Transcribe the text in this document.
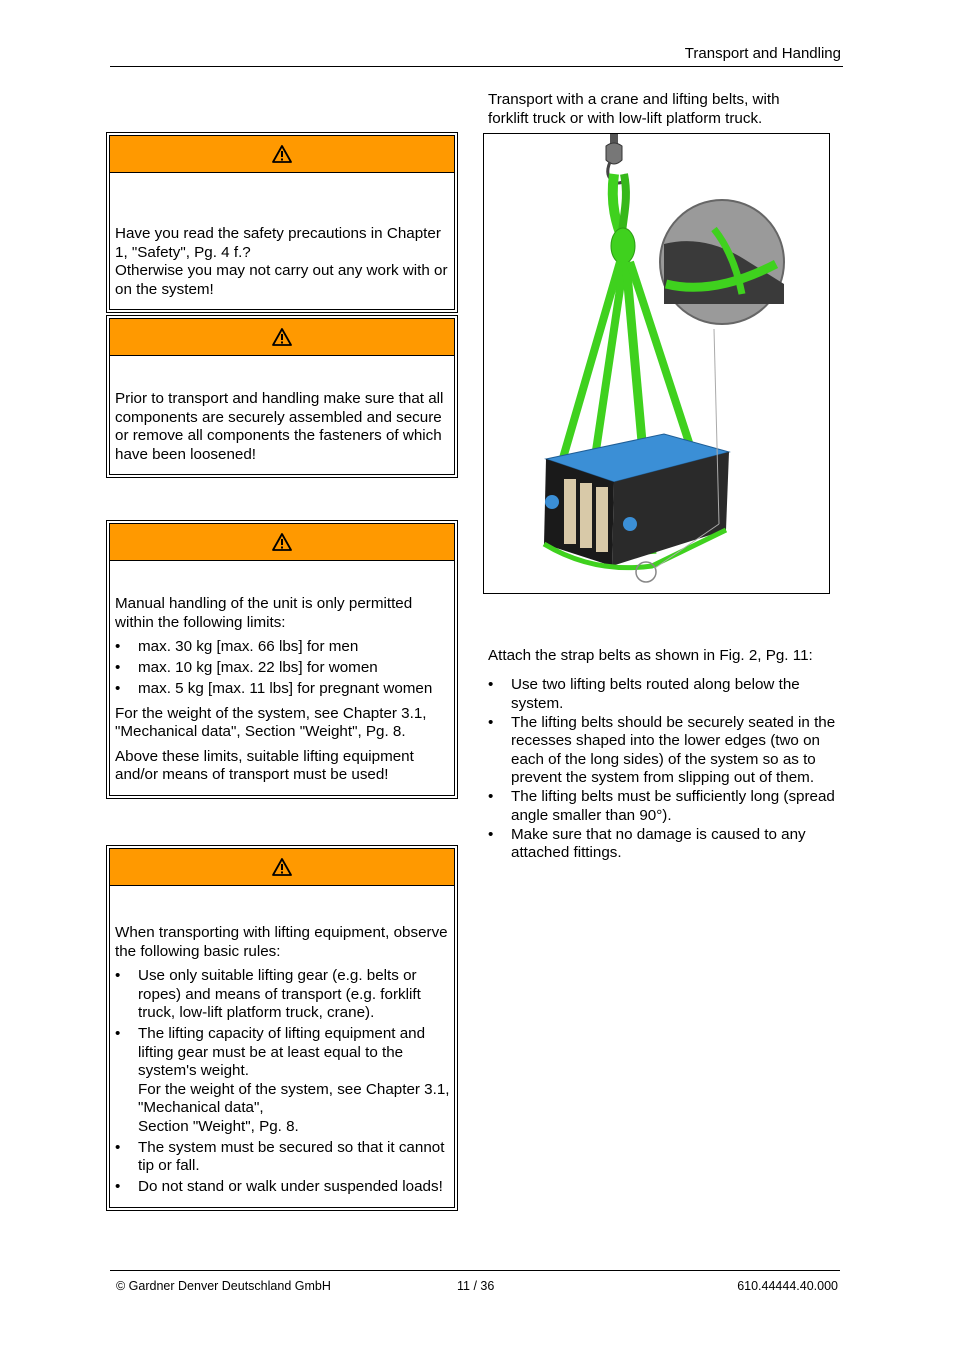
Transport and Handling

Have you read the safety precautions in Chapter 1, "Safety", Pg. 4 f.?
Otherwise you may not carry out any work with or on the system!

Prior to transport and handling make sure that all components are securely assembled and secure or remove all components the fasteners of which have been loosened!

Manual handling of the unit is only permitted within the following limits:

• max. 30 kg [max. 66 lbs] for men
• max. 10 kg [max. 22 lbs] for women
• max. 5 kg [max. 11 lbs] for pregnant women

For the weight of the system, see Chapter 3.1, "Mechanical data", Section "Weight", Pg. 8.

Above these limits, suitable lifting equipment and/or means of transport must be used!

When transporting with lifting equipment, observe the following basic rules:

• Use only suitable lifting gear (e.g. belts or ropes) and means of transport (e.g. forklift truck, low-lift platform truck, crane).
• The lifting capacity of lifting equipment and lifting gear must be at least equal to the system's weight.
For the weight of the system, see Chapter 3.1, "Mechanical data",
Section "Weight", Pg. 8.
• The system must be secured so that it cannot tip or fall.
• Do not stand or walk under suspended loads!
Transport with a crane and lifting belts, with forklift truck or with low-lift platform truck.
Attach the strap belts as shown in Fig. 2, Pg. 11:
• Use two lifting belts routed along below the system.
• The lifting belts should be securely seated in the recesses shaped into the lower edges (two on each of the long sides) of the system so as to prevent the system from slipping out of them.
• The lifting belts must be sufficiently long (spread angle smaller than 90°).
• Make sure that no damage is caused to any attached fittings.
© Gardner Denver Deutschland GmbH	11 / 36	610.44444.40.000
